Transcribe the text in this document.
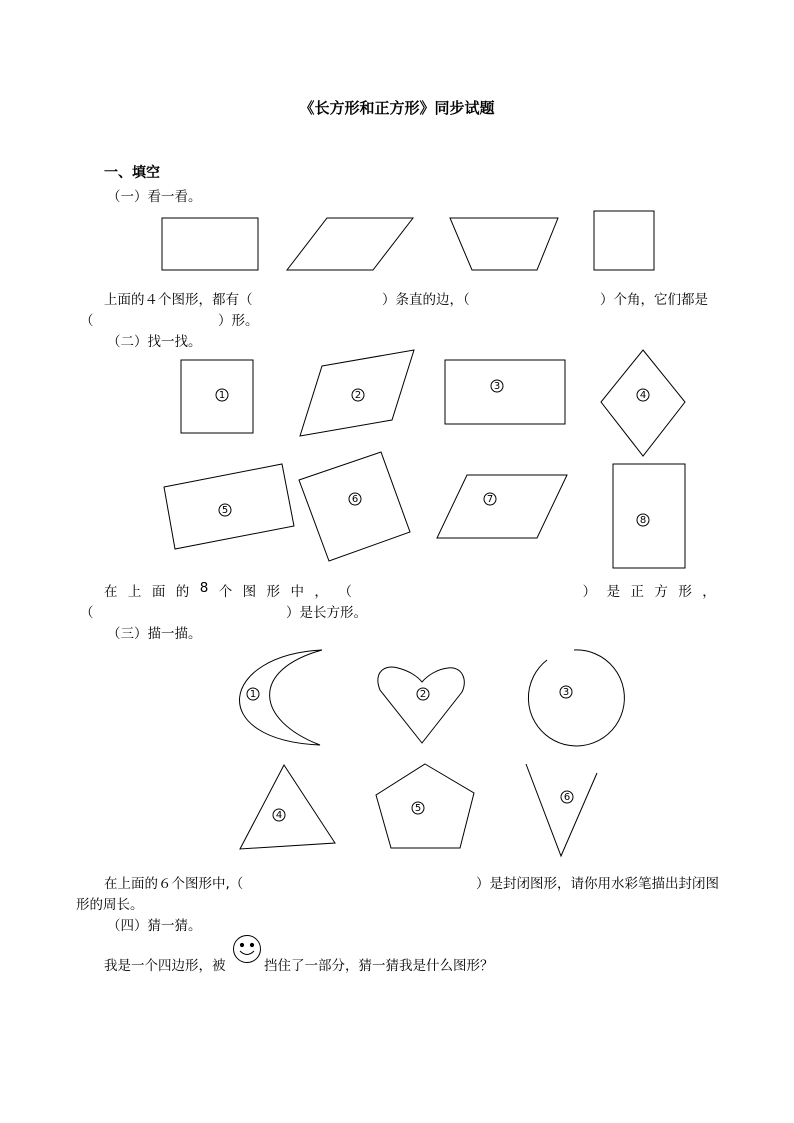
《长方形和正方形》同步试题
一、填空
（一）看一看。
上面的４个图形，都有（	）条直的边，（	）个角，它们都是
（	）形。
（二）找一找。
在 上 面 的 8 个 图 形 中 ， （	） 是 正 方 形 ，
（	）是长方形。
（三）描一描。
在上面的６个图形中,（	）是封闭图形，请你用水彩笔描出封闭图
形的周长。
（四）猜一猜。
我是一个四边形，被	挡住了一部分，猜一猜我是什么图形？
1	2
3
4
5
6	7
8
1	2	3
4
5
6
